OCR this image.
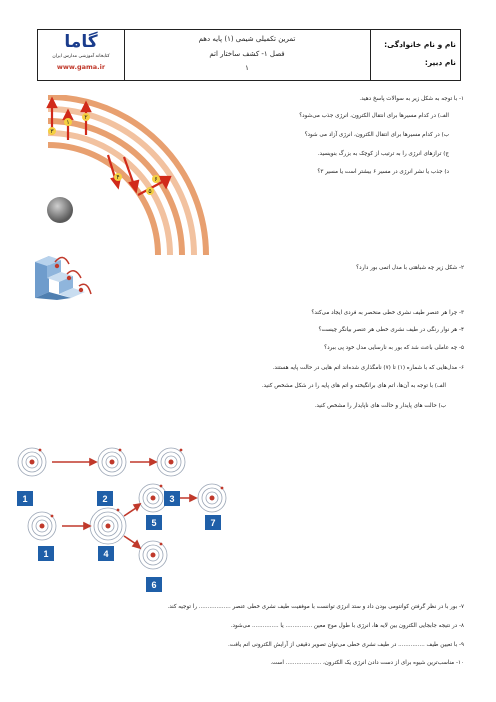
گاما
کتابخانه آموزشی مدارس ایران
www.gama.ir
تمرین تکمیلی شیمی (۱) پایه دهم
فصل ۱- کشف ساختار اتم
۱
نام و نام خانوادگی:
نام دبیر:
۱
۲
۳
۴
۵
۶
۱- با توجه به شکل زیر به سوالات پاسخ دهید.
الف) در کدام مسیرها برای انتقال الکترون، انرژی جذب می‌شود؟
ب) در کدام مسیرها برای انتقال الکترون، انرژی آزاد می شود؟
ج) ترازهای انرژی را به ترتیب از کوچک به بزرگ بنویسید.
د) جذب یا نشر انرژی در مسیر ۶ بیشتر است یا مسیر ۳؟
۲- شکل زیر چه شباهتی با مدل اتمی بور دارد؟
۳- چرا هر عنصر طیف نشری خطی منحصر به فردی ایجاد می‌کند؟
۴- هر نوار رنگی در طیف نشری خطی هر عنصر بیانگر چیست؟
۵- چه عاملی باعث شد که بور به نارسایی مدل خود پی ببرد؟
۶- مدل‌هایی که با شماره (۱) تا (۷) نامگذاری شده‌اند اتم هایی در حالت پایه هستند.
الف) با توجه به آن‌ها، اتم های برانگیخته و اتم های پایه را در شکل مشخص کنید.
ب) حالت های پایدار و حالت های ناپایدار را مشخص کنید.
1	2	3
1	4
5	7
6
۷- بور با در نظر گرفتن کوانتومی بودن داد و ستد انرژی توانست با موفقیت طیف نشری خطی عنصر .................. را توجیه کند.
۸- در نتیجه جابجایی الکترون بین لایه ها، انرژی با طول موج معین ............... یا ............... می‌شود.
۹- با تعیین طیف ............... در طیف نشری خطی می‌توان تصویر دقیقی از آرایش الکترونی اتم یافت.
۱۰- مناسب‌ترین شیوه برای از دست دادن انرژی یک الکترون، .................... است.
